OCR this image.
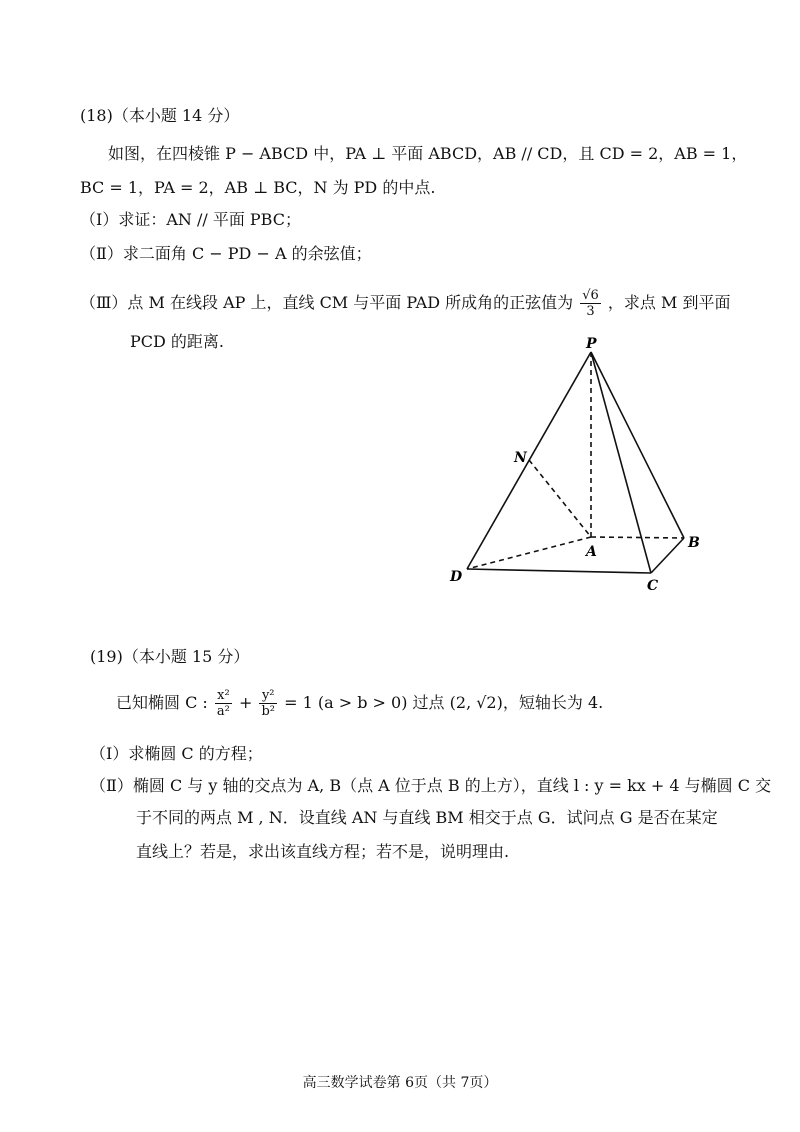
(18)（本小题 14 分）
如图，在四棱锥 P − ABCD 中，PA ⊥ 平面 ABCD，AB // CD，且 CD = 2，AB = 1，
BC = 1，PA = 2，AB ⊥ BC，N 为 PD 的中点.
（Ⅰ）求证：AN // 平面 PBC；
（Ⅱ）求二面角 C − PD − A 的余弦值；
（Ⅲ）点 M 在线段 AP 上，直线 CM 与平面 PAD 所成角的正弦值为 $\frac{√6}{3}$ ，求点 M 到平面
PCD 的距离.	P
N
A
B
C
D
(19)（本小题 15 分）
已知椭圆 C : $\frac{\text{x²}}{\text{a²}} + \frac{\text{y²}}{\text{b²}} = 1$ (a > b > 0) 过点 (2, √2)，短轴长为 4.
（Ⅰ）求椭圆 C 的方程；
（Ⅱ）椭圆 C 与 y 轴的交点为 A, B（点 A 位于点 B 的上方），直线 l : y = kx + 4 与椭圆 C 交
于不同的两点 M , N．设直线 AN 与直线 BM 相交于点 G．试问点 G 是否在某定
直线上？若是，求出该直线方程；若不是，说明理由.
高三数学试卷第 6页（共 7页）
